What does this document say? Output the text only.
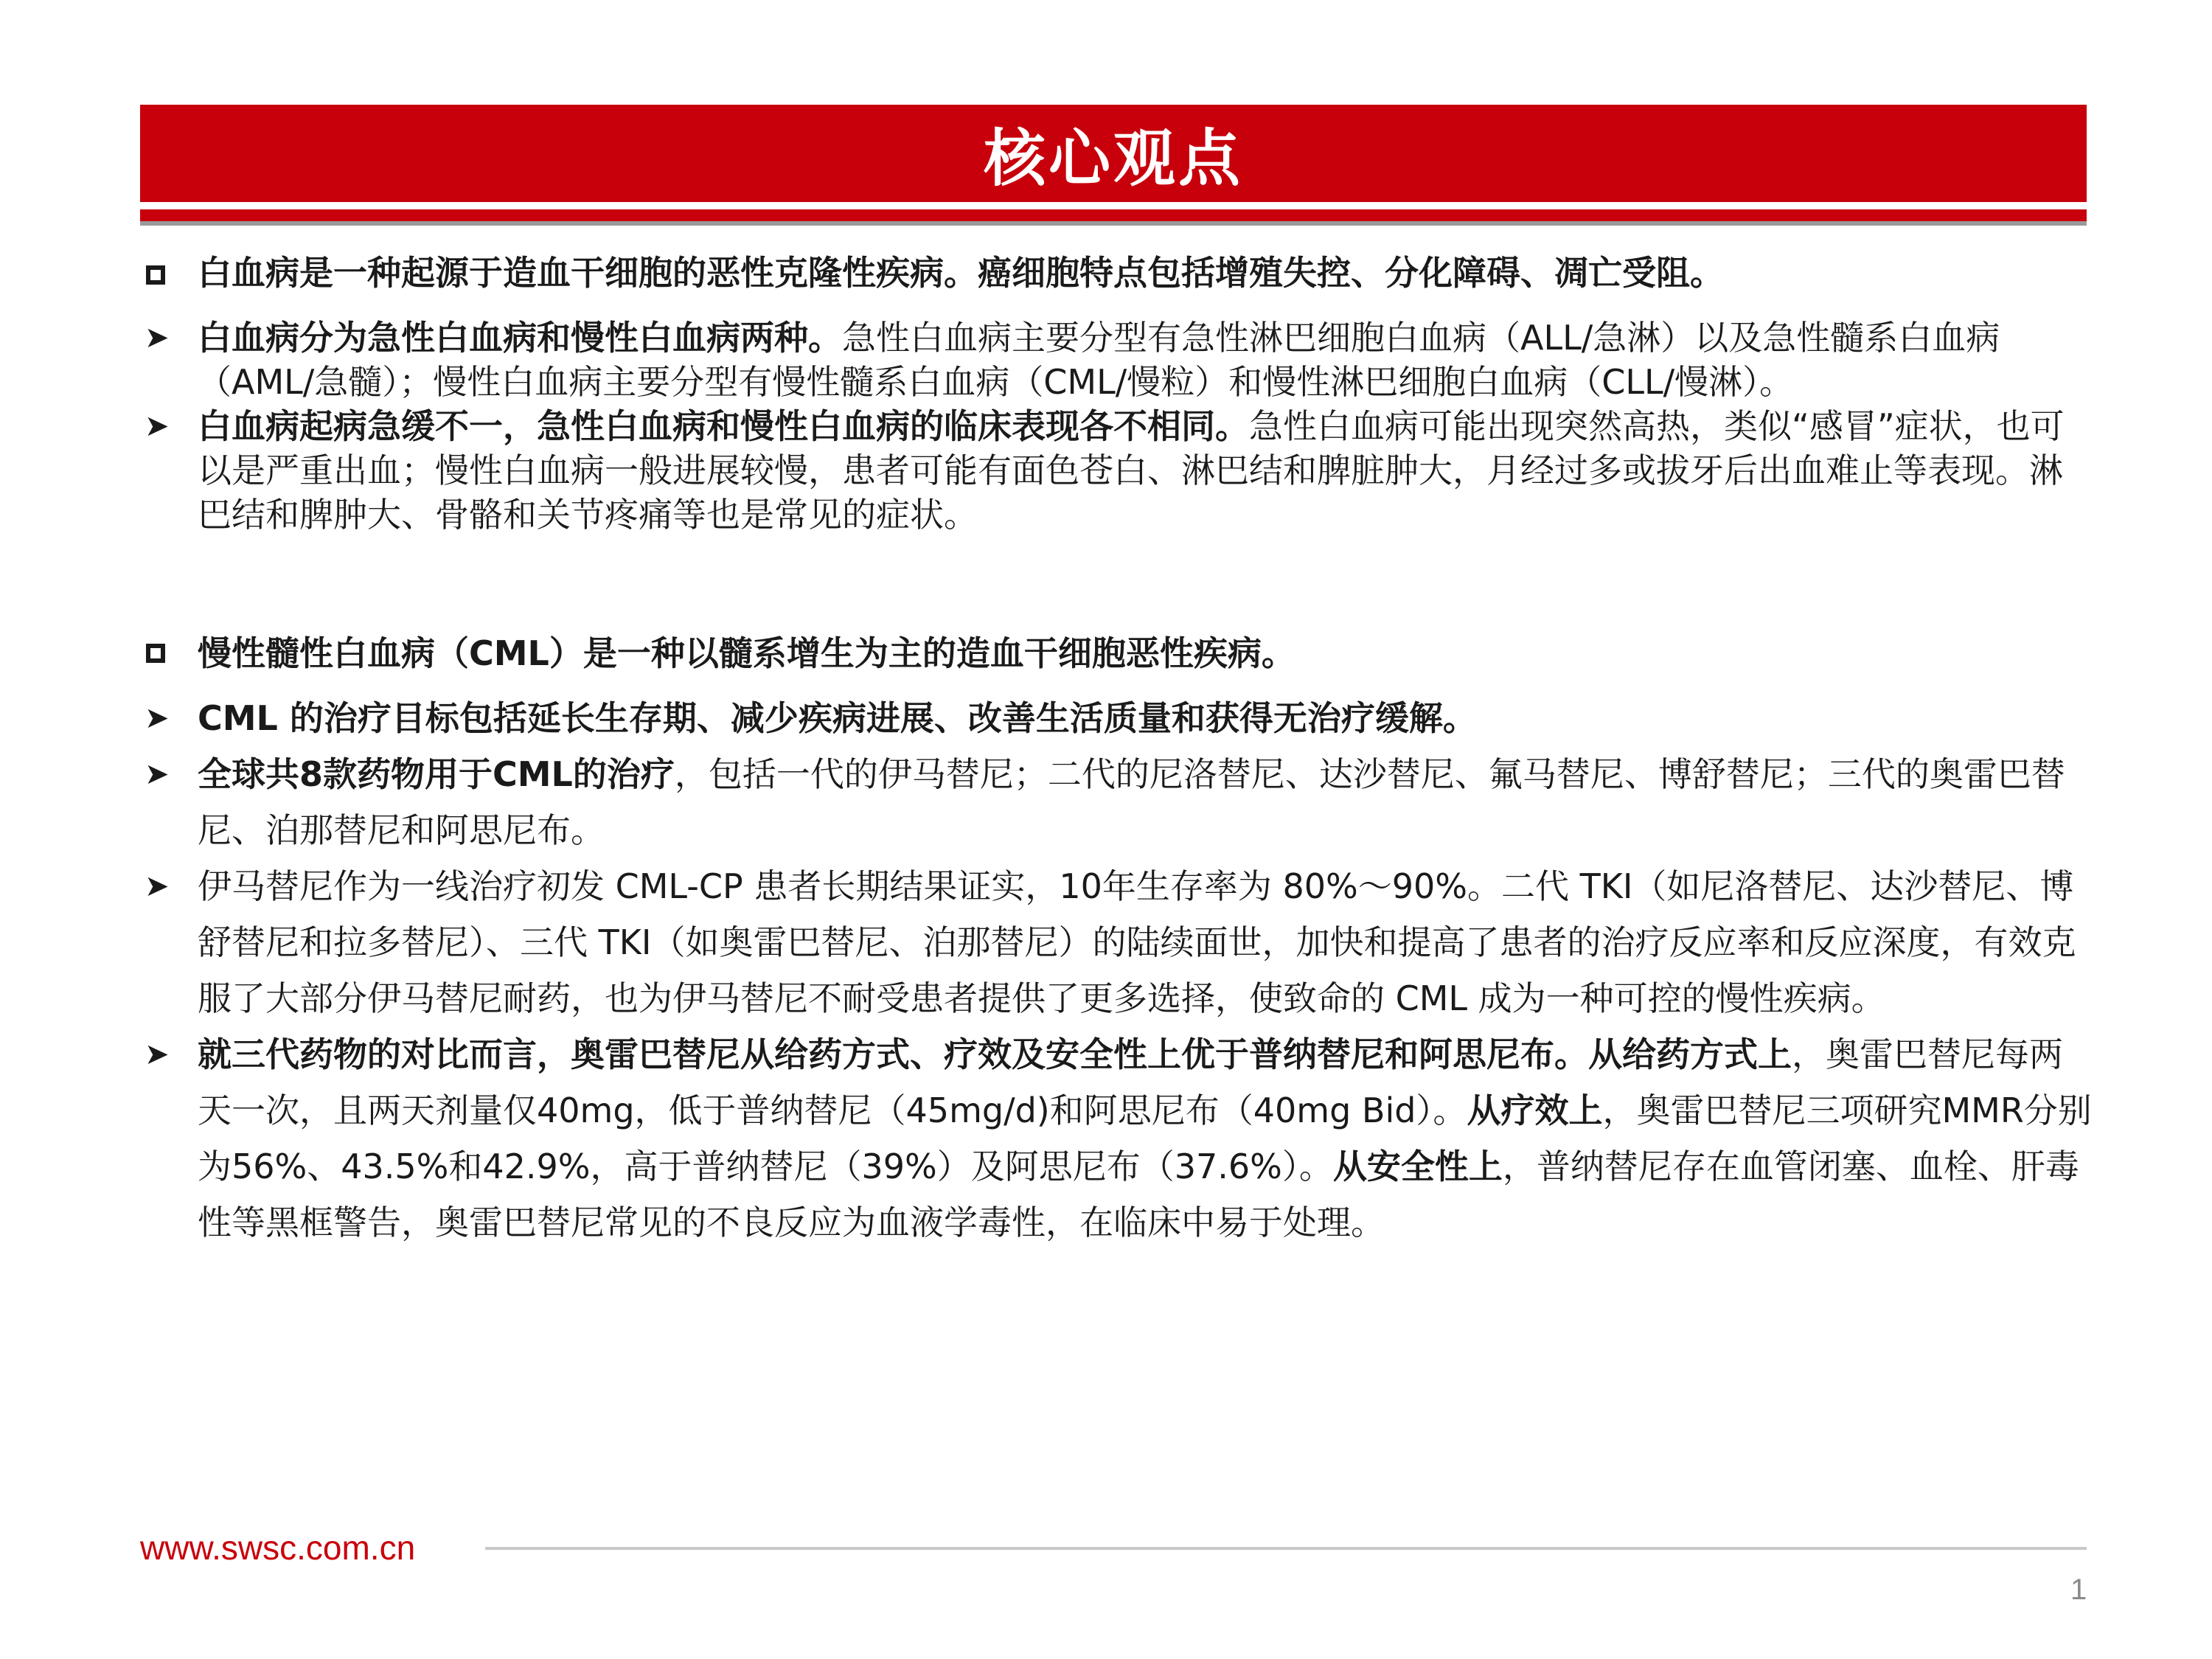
核心观点
白血病是一种起源于造血干细胞的恶性克隆性疾病。癌细胞特点包括增殖失控、分化障碍、凋亡受阻。
➤ 白血病分为急性白血病和慢性白血病两种。急性白血病主要分型有急性淋巴细胞白血病（ALL/急淋）以及急性髓系白血病（AML/急髓）；慢性白血病主要分型有慢性髓系白血病（CML/慢粒）和慢性淋巴细胞白血病（CLL/慢淋）。
➤ 白血病起病急缓不一，急性白血病和慢性白血病的临床表现各不相同。急性白血病可能出现突然高热，类似“感冒”症状，也可以是严重出血；慢性白血病一般进展较慢，患者可能有面色苍白、淋巴结和脾脏肿大，月经过多或拔牙后出血难止等表现。淋巴结和脾肿大、骨骼和关节疼痛等也是常见的症状。
慢性髓性白血病（CML）是一种以髓系增生为主的造血干细胞恶性疾病。
➤ CML 的治疗目标包括延长生存期、减少疾病进展、改善生活质量和获得无治疗缓解。
➤ 全球共8款药物用于CML的治疗，包括一代的伊马替尼；二代的尼洛替尼、达沙替尼、氟马替尼、博舒替尼；三代的奥雷巴替尼、泊那替尼和阿思尼布。
➤ 伊马替尼作为一线治疗初发 CML-CP 患者长期结果证实，10年生存率为 80%～90%。二代 TKI（如尼洛替尼、达沙替尼、博舒替尼和拉多替尼）、三代 TKI（如奥雷巴替尼、泊那替尼）的陆续面世，加快和提高了患者的治疗反应率和反应深度，有效克服了大部分伊马替尼耐药，也为伊马替尼不耐受患者提供了更多选择，使致命的 CML 成为一种可控的慢性疾病。
➤ 就三代药物的对比而言，奥雷巴替尼从给药方式、疗效及安全性上优于普纳替尼和阿思尼布。从给药方式上，奥雷巴替尼每两天一次，且两天剂量仅40mg，低于普纳替尼（45mg/d)和阿思尼布（40mg Bid）。从疗效上，奥雷巴替尼三项研究MMR分别为56%、43.5%和42.9%，高于普纳替尼（39%）及阿思尼布（37.6%）。从安全性上，普纳替尼存在血管闭塞、血栓、肝毒性等黑框警告，奥雷巴替尼常见的不良反应为血液学毒性，在临床中易于处理。
www.swsc.com.cn
1
